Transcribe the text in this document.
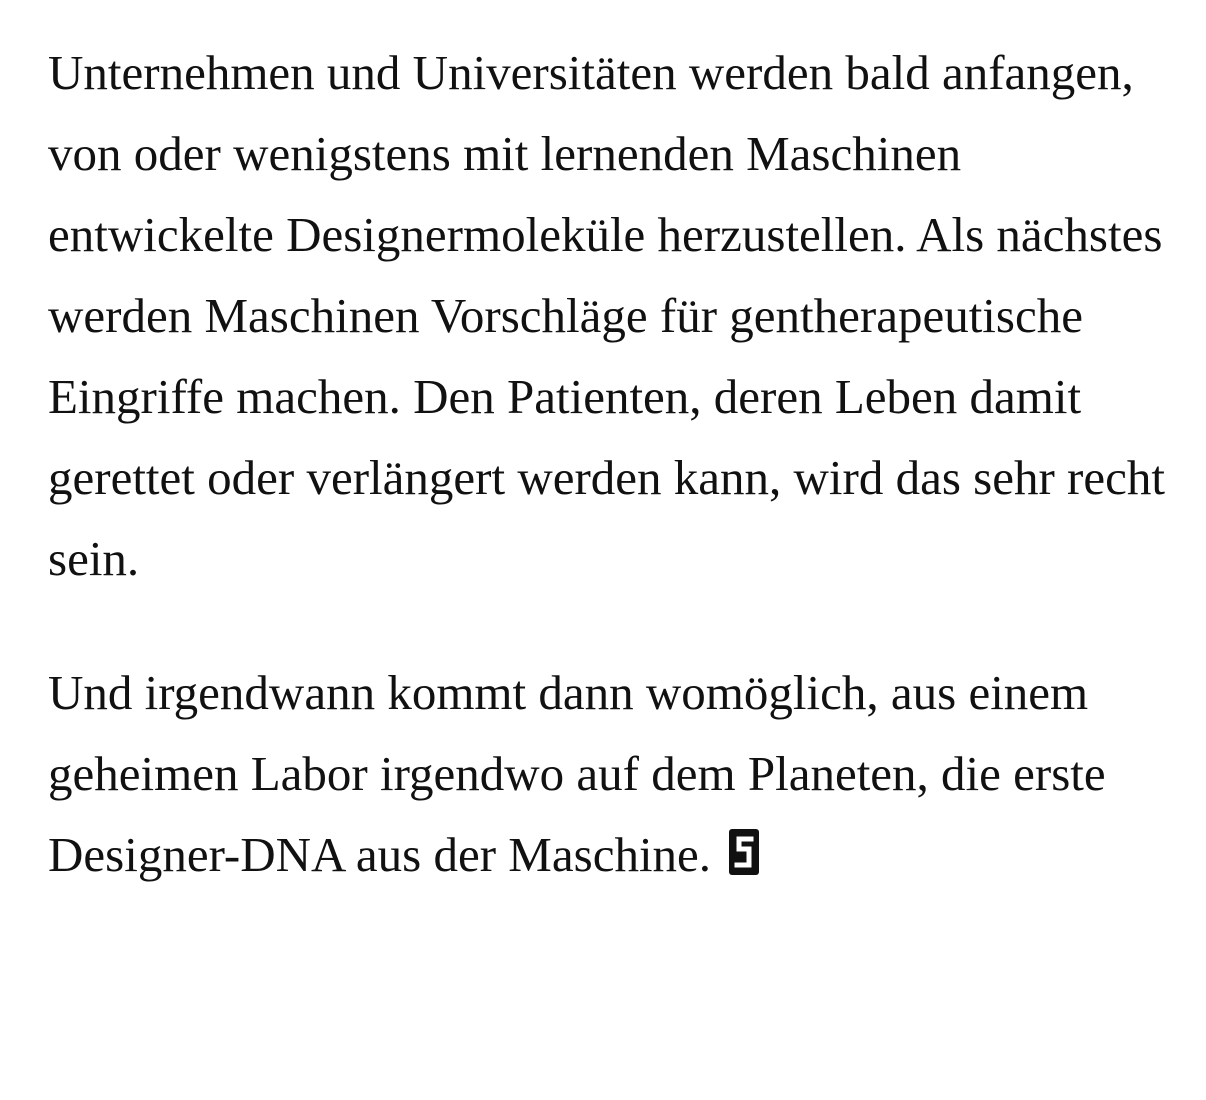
Unternehmen und Universitäten werden bald anfangen, von oder wenigstens mit lernenden Maschinen entwickelte Designermoleküle herzustellen. Als nächstes werden Maschinen Vorschläge für gentherapeutische Eingriffe machen. Den Patienten, deren Leben damit gerettet oder verlängert werden kann, wird das sehr recht sein.

Und irgendwann kommt dann womöglich, aus einem geheimen Labor irgendwo auf dem Planeten, die erste Designer-DNA aus der Maschine.
